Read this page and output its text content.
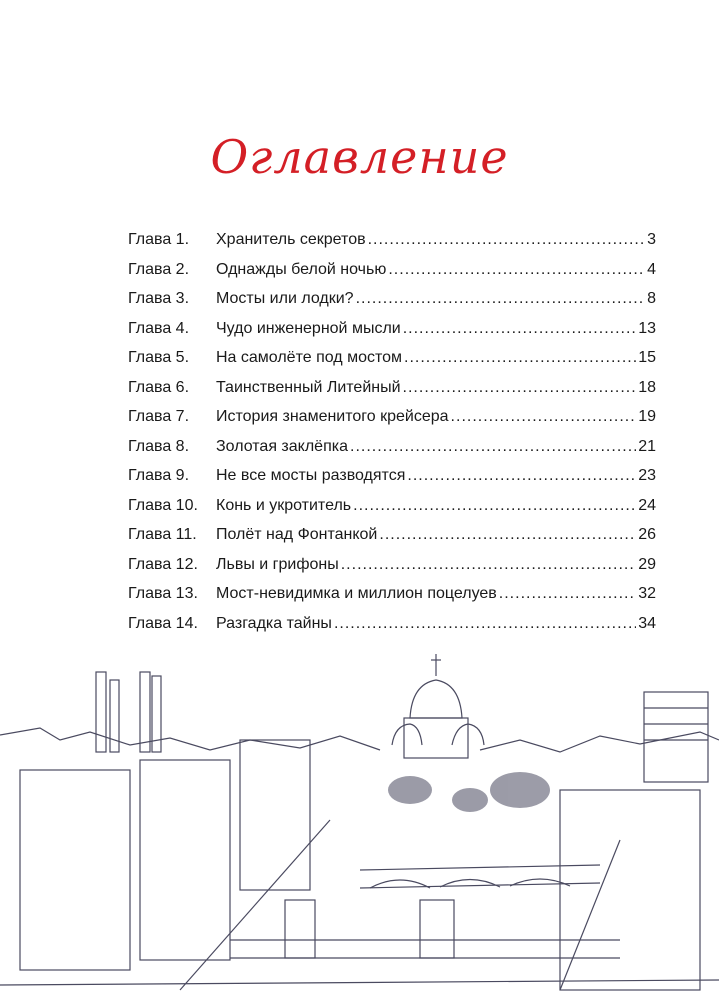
Оглавление
Глава 1.	Хранитель секретов .....	3
Глава 2.	Однажды белой ночью .....	4
Глава 3.	Мосты или лодки? .....	8
Глава 4.	Чудо инженерной мысли .....	13
Глава 5.	На самолёте под мостом .....	15
Глава 6.	Таинственный Литейный .....	18
Глава 7.	История знаменитого крейсера .....	19
Глава 8.	Золотая заклёпка .....	21
Глава 9.	Не все мосты разводятся .....	23
Глава 10.	Конь и укротитель .....	24
Глава 11.	Полёт над Фонтанкой .....	26
Глава 12.	Львы и грифоны .....	29
Глава 13.	Мост-невидимка и миллион поцелуев .....	32
Глава 14.	Разгадка тайны .....	34
